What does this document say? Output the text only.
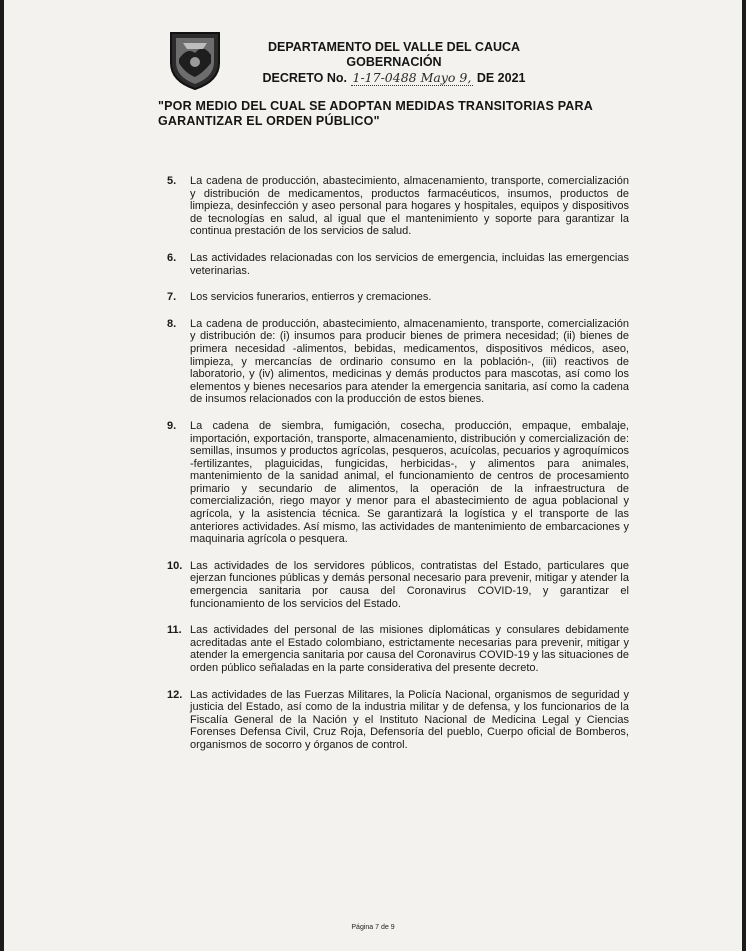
DEPARTAMENTO DEL VALLE DEL CAUCA
GOBERNACIÓN
DECRETO No. 1-17-0488 Mayo 9, DE 2021
"POR MEDIO DEL CUAL SE ADOPTAN MEDIDAS TRANSITORIAS PARA GARANTIZAR EL ORDEN PÚBLICO"
5.	La cadena de producción, abastecimiento, almacenamiento, transporte, comercialización y distribución de medicamentos, productos farmacéuticos, insumos, productos de limpieza, desinfección y aseo personal para hogares y hospitales, equipos y dispositivos de tecnologías en salud, al igual que el mantenimiento y soporte para garantizar la continua prestación de los servicios de salud.
6.	Las actividades relacionadas con los servicios de emergencia, incluidas las emergencias veterinarias.
7.	Los servicios funerarios, entierros y cremaciones.
8.	La cadena de producción, abastecimiento, almacenamiento, transporte, comercialización y distribución de: (i) insumos para producir bienes de primera necesidad; (ii) bienes de primera necesidad -alimentos, bebidas, medicamentos, dispositivos médicos, aseo, limpieza, y mercancías de ordinario consumo en la población-, (iii) reactivos de laboratorio, y (iv) alimentos, medicinas y demás productos para mascotas, así como los elementos y bienes necesarios para atender la emergencia sanitaria, así como la cadena de insumos relacionados con la producción de estos bienes.
9.	La cadena de siembra, fumigación, cosecha, producción, empaque, embalaje, importación, exportación, transporte, almacenamiento, distribución y comercialización de: semillas, insumos y productos agrícolas, pesqueros, acuícolas, pecuarios y agroquímicos -fertilizantes, plaguicidas, fungicidas, herbicidas-, y alimentos para animales, mantenimiento de la sanidad animal, el funcionamiento de centros de procesamiento primario y secundario de alimentos, la operación de la infraestructura de comercialización, riego mayor y menor para el abastecimiento de agua poblacional y agrícola, y la asistencia técnica. Se garantizará la logística y el transporte de las anteriores actividades. Así mismo, las actividades de mantenimiento de embarcaciones y maquinaria agrícola o pesquera.
10. Las actividades de los servidores públicos, contratistas del Estado, particulares que ejerzan funciones públicas y demás personal necesario para prevenir, mitigar y atender la emergencia sanitaria por causa del Coronavirus COVID-19, y garantizar el funcionamiento de los servicios del Estado.
11. Las actividades del personal de las misiones diplomáticas y consulares debidamente acreditadas ante el Estado colombiano, estrictamente necesarias para prevenir, mitigar y atender la emergencia sanitaria por causa del Coronavirus COVID-19 y las situaciones de orden público señaladas en la parte considerativa del presente decreto.
12. Las actividades de las Fuerzas Militares, la Policía Nacional, organismos de seguridad y justicia del Estado, así como de la industria militar y de defensa, y los funcionarios de la Fiscalía General de la Nación y el Instituto Nacional de Medicina Legal y Ciencias Forenses Defensa Civil, Cruz Roja, Defensoría del pueblo, Cuerpo oficial de Bomberos, organismos de socorro y órganos de control.
Página 7 de 9
